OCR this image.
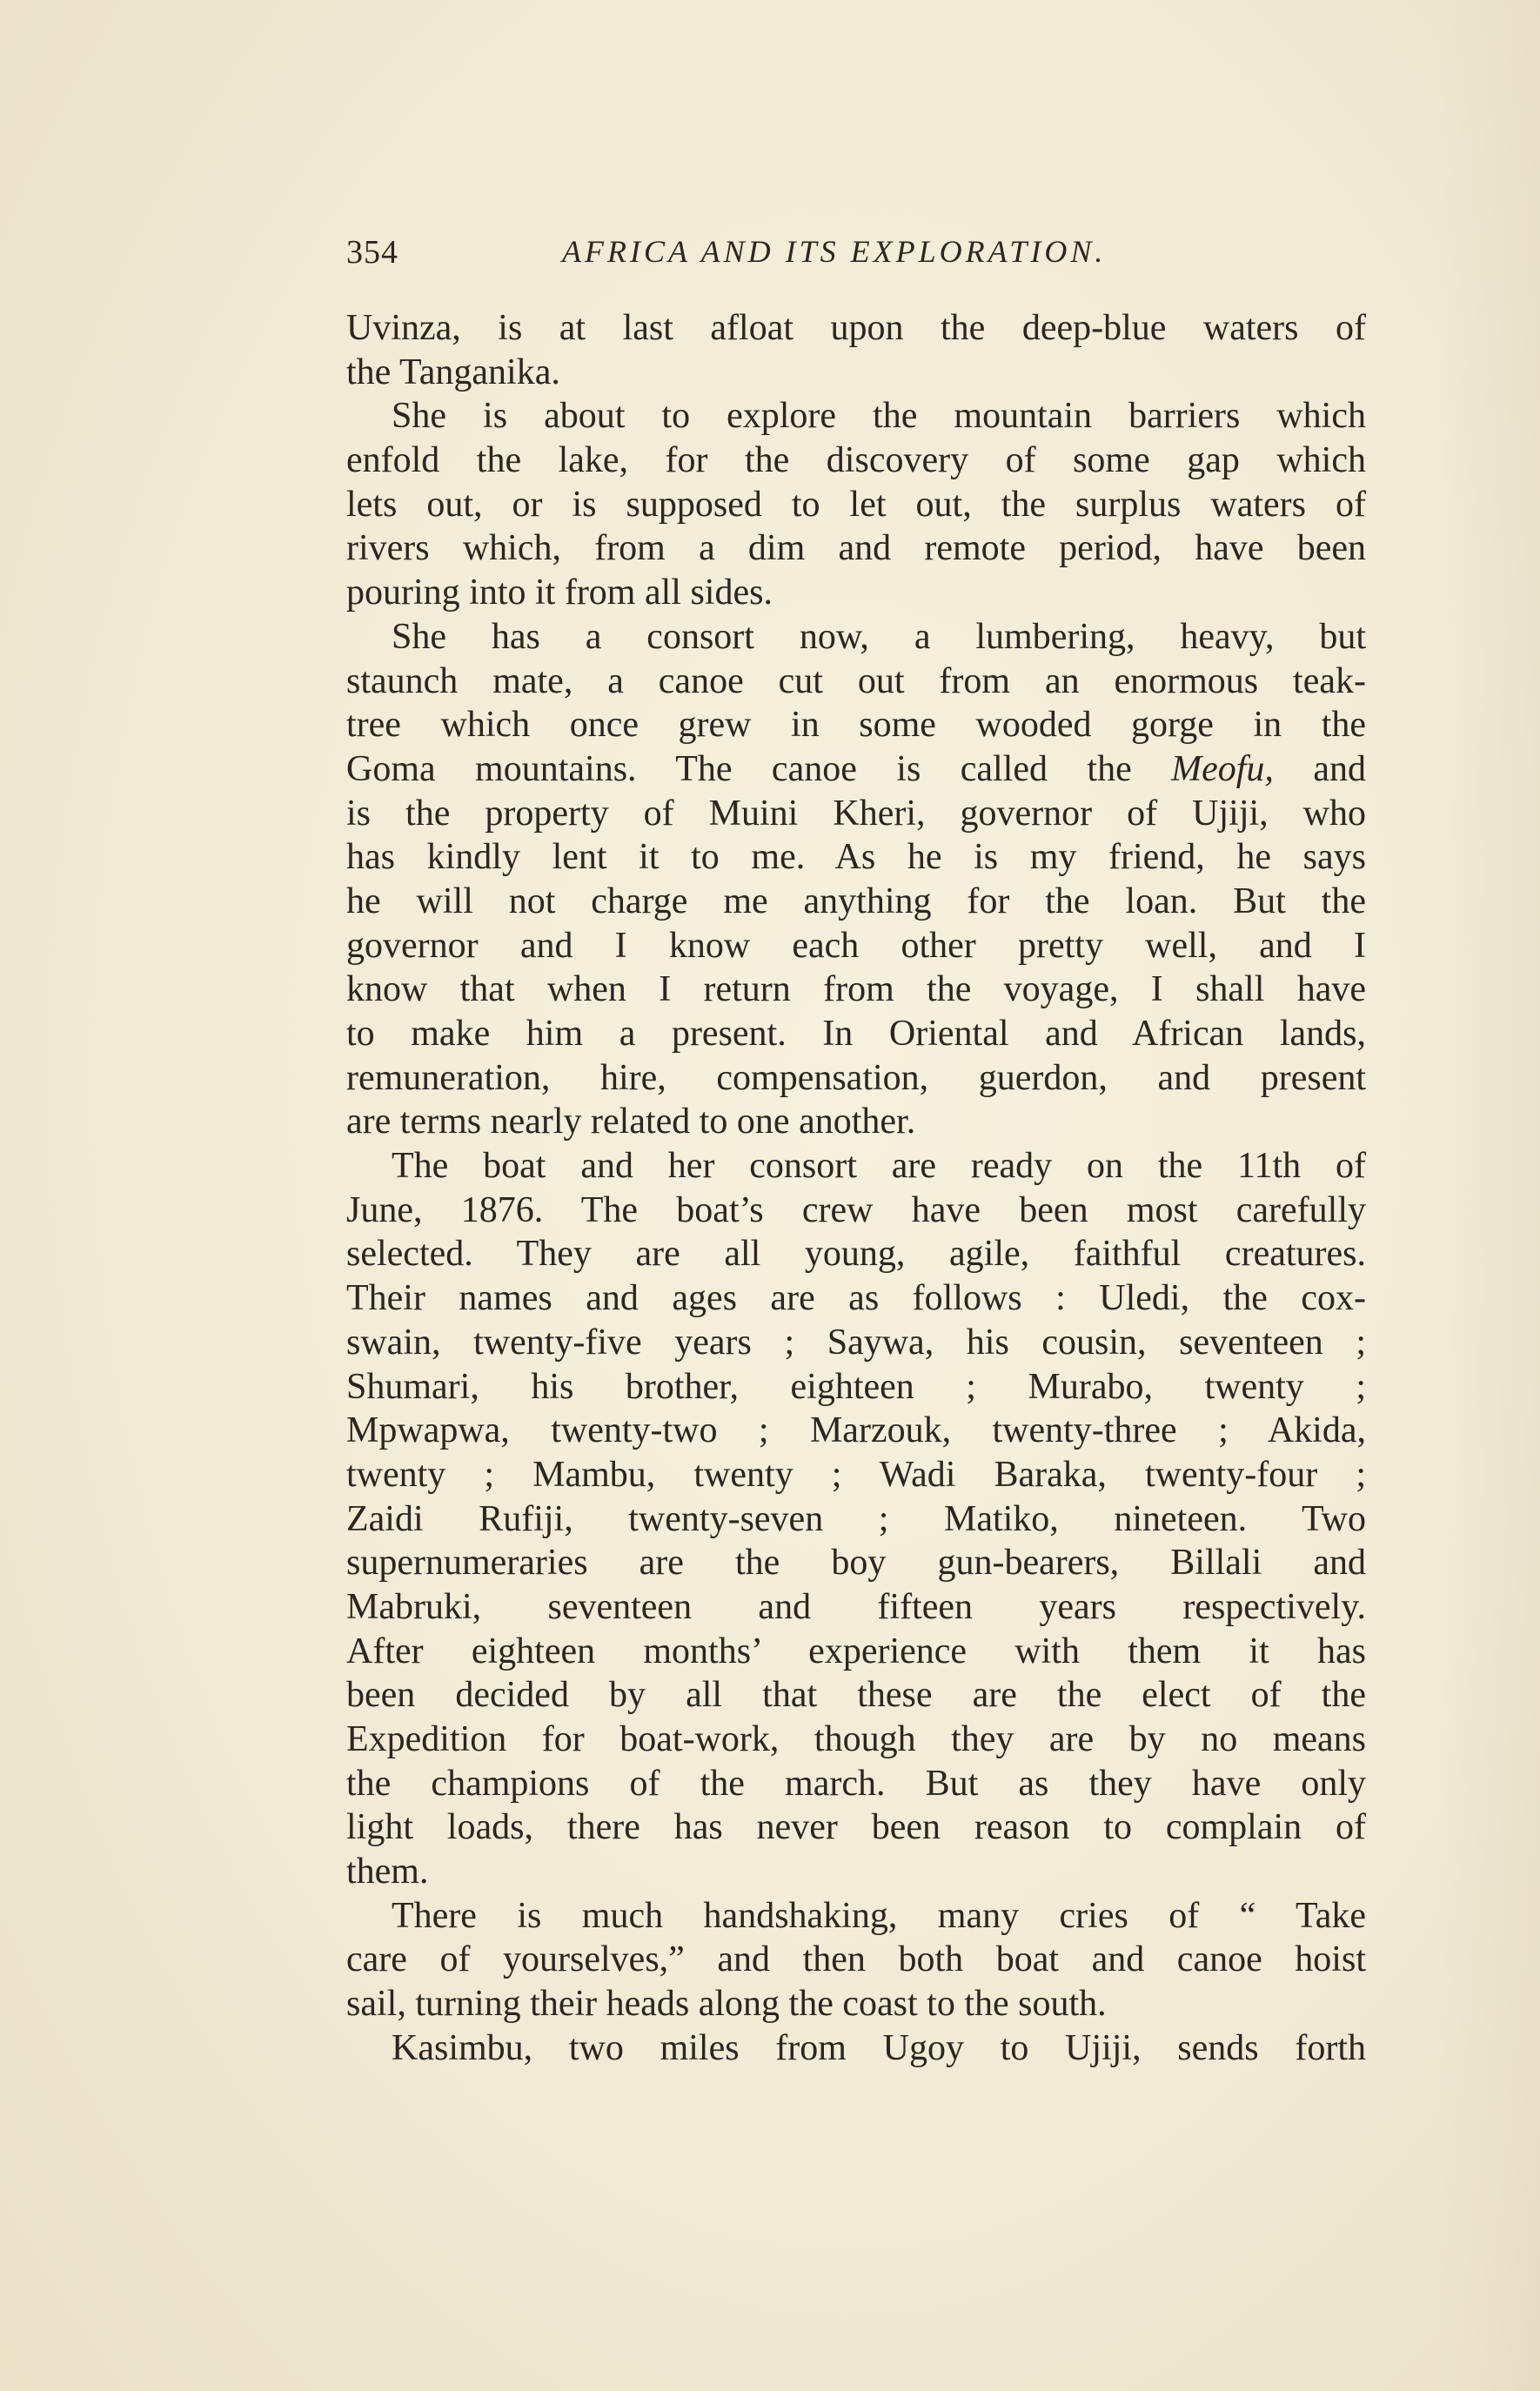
354	AFRICA AND ITS EXPLORATION.
Uvinza, is at last afloat upon the deep-blue waters of
the Tanganika.
She is about to explore the mountain barriers which
enfold the lake, for the discovery of some gap which
lets out, or is supposed to let out, the surplus waters of
rivers which, from a dim and remote period, have been
pouring into it from all sides.
She has a consort now, a lumbering, heavy, but
staunch mate, a canoe cut out from an enormous teak-
tree which once grew in some wooded gorge in the
Goma mountains. The canoe is called the Meofu, and
is the property of Muini Kheri, governor of Ujiji, who
has kindly lent it to me. As he is my friend, he says
he will not charge me anything for the loan. But the
governor and I know each other pretty well, and I
know that when I return from the voyage, I shall have
to make him a present. In Oriental and African lands,
remuneration, hire, compensation, guerdon, and present
are terms nearly related to one another.
The boat and her consort are ready on the 11th of
June, 1876. The boat’s crew have been most carefully
selected. They are all young, agile, faithful creatures.
Their names and ages are as follows : Uledi, the cox-
swain, twenty-five years ; Saywa, his cousin, seventeen ;
Shumari, his brother, eighteen ; Murabo, twenty ;
Mpwapwa, twenty-two ; Marzouk, twenty-three ; Akida,
twenty ; Mambu, twenty ; Wadi Baraka, twenty-four ;
Zaidi Rufiji, twenty-seven ; Matiko, nineteen. Two
supernumeraries are the boy gun-bearers, Billali and
Mabruki, seventeen and fifteen years respectively.
After eighteen months’ experience with them it has
been decided by all that these are the elect of the
Expedition for boat-work, though they are by no means
the champions of the march. But as they have only
light loads, there has never been reason to complain of
them.
There is much handshaking, many cries of “ Take
care of yourselves,” and then both boat and canoe hoist
sail, turning their heads along the coast to the south.
Kasimbu, two miles from Ugoy to Ujiji, sends forth
